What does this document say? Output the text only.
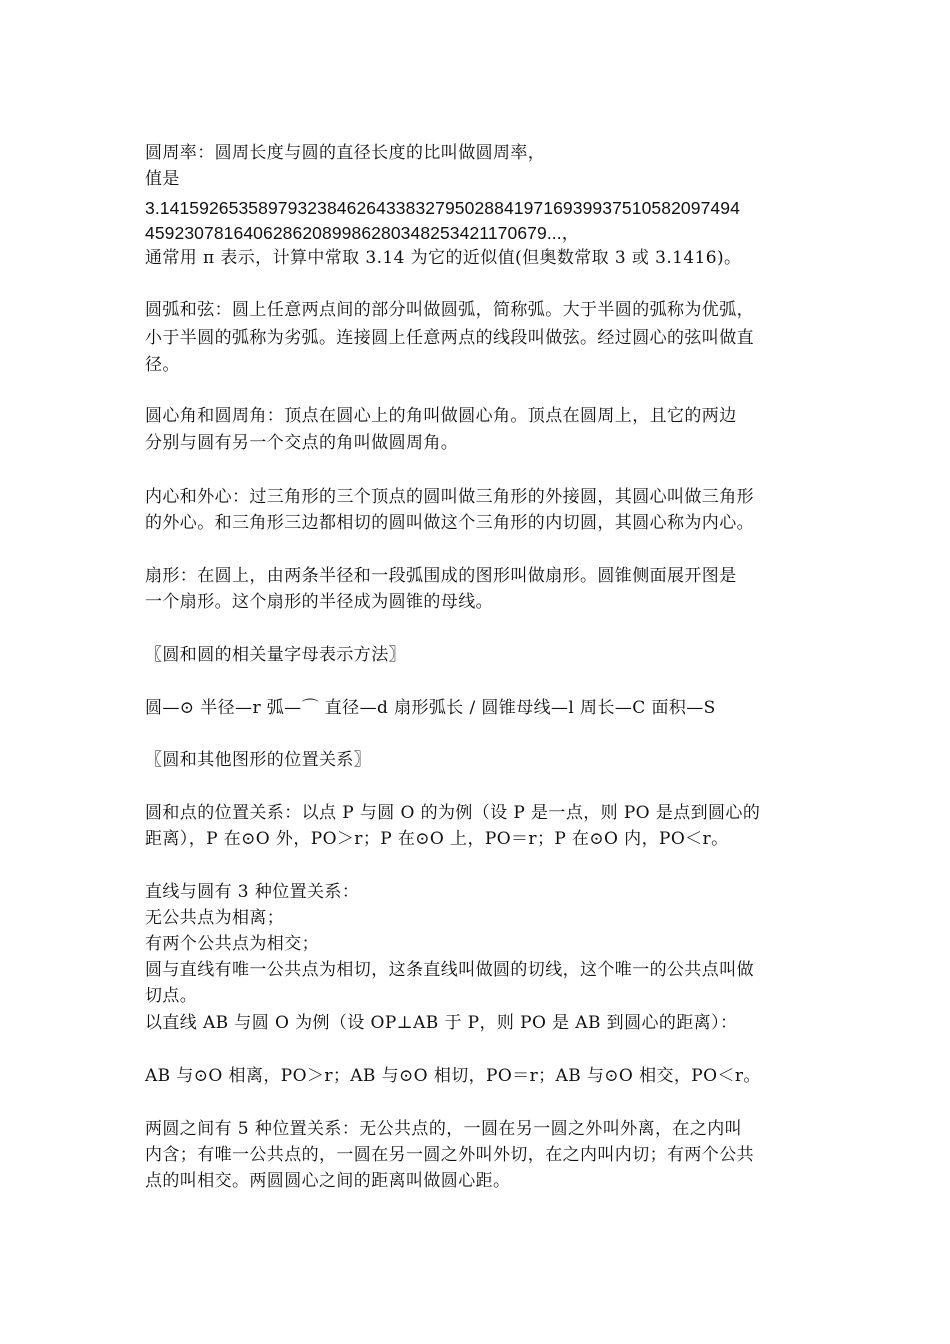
圆周率：圆周长度与圆的直径长度的比叫做圆周率，
值是
3.14159265358979323846264338327950288419716939937510582097494
4592307816406286208998628034825342117067​9...，
通常用 π 表示，计算中常取 3.14 为它的近似值(但奥数常取 3 或 3.1416)。
圆弧和弦：圆上任意两点间的部分叫做圆弧，简称弧。大于半圆的弧称为优弧，
小于半圆的弧称为劣弧。连接圆上任意两点的线段叫做弦。经过圆心的弦叫做直
径。
圆心角和圆周角：顶点在圆心上的角叫做圆心角。顶点在圆周上，且它的两边
分别与圆有另一个交点的角叫做圆周角。
内心和外心：过三角形的三个顶点的圆叫做三角形的外接圆，其圆心叫做三角形
的外心。和三角形三边都相切的圆叫做这个三角形的内切圆，其圆心称为内心。
扇形：在圆上，由两条半径和一段弧围成的图形叫做扇形。圆锥侧面展开图是
一个扇形。这个扇形的半径成为圆锥的母线。
〖圆和圆的相关量字母表示方法〗
圆—⊙ 半径—r 弧—⌒ 直径—d 扇形弧长 / 圆锥母线—l 周长—C 面积—S
〖圆和其他图形的位置关系〗
圆和点的位置关系：以点 P 与圆 O 的为例（设 P 是一点，则 PO 是点到圆心的
距离），P 在⊙O 外，PO＞r；P 在⊙O 上，PO＝r；P 在⊙O 内，PO＜r。
直线与圆有 3 种位置关系：
无公共点为相离；
有两个公共点为相交；
圆与直线有唯一公共点为相切，这条直线叫做圆的切线，这个唯一的公共点叫做
切点。
以直线 AB 与圆 O 为例（设 OP⊥AB 于 P，则 PO 是 AB 到圆心的距离）：
AB 与⊙O 相离，PO＞r；AB 与⊙O 相切，PO＝r；AB 与⊙O 相交，PO＜r。
两圆之间有 5 种位置关系：无公共点的，一圆在另一圆之外叫外离，在之内叫
内含；有唯一公共点的，一圆在另一圆之外叫外切，在之内叫内切；有两个公共
点的叫相交。两圆圆心之间的距离叫做圆心距。
